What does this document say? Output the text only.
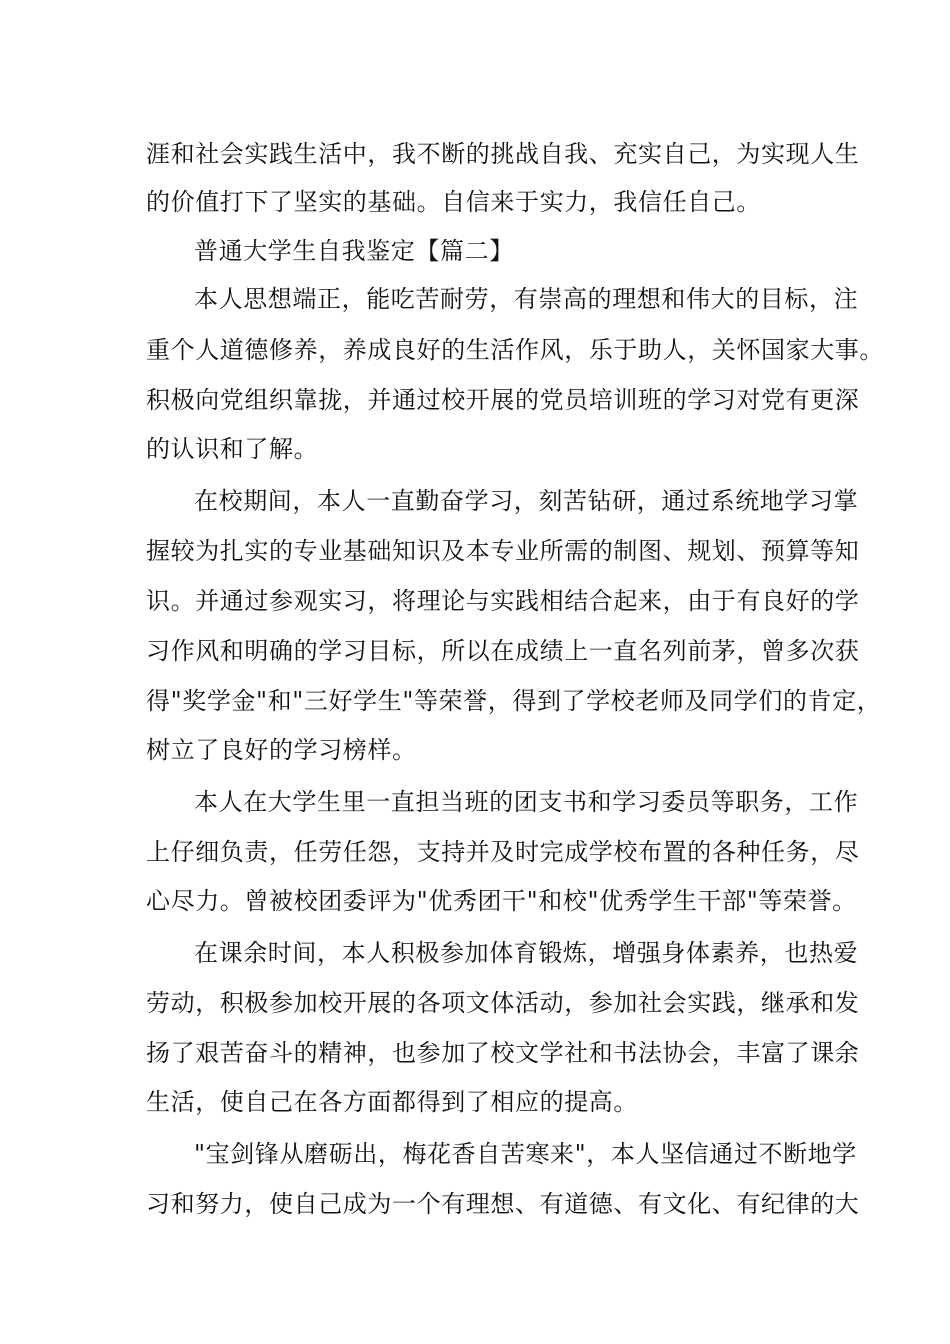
涯和社会实践生活中，我不断的挑战自我、充实自己，为实现人生
的价值打下了坚实的基础。自信来于实力，我信任自己。
普通大学生自我鉴定【篇二】
本人思想端正，能吃苦耐劳，有崇高的理想和伟大的目标，注
重个人道德修养，养成良好的生活作风，乐于助人，关怀国家大事。
积极向党组织靠拢，并通过校开展的党员培训班的学习对党有更深
的认识和了解。
在校期间，本人一直勤奋学习，刻苦钻研，通过系统地学习掌
握较为扎实的专业基础知识及本专业所需的制图、规划、预算等知
识。并通过参观实习，将理论与实践相结合起来，由于有良好的学
习作风和明确的学习目标，所以在成绩上一直名列前茅，曾多次获
得"奖学金"和"三好学生"等荣誉，得到了学校老师及同学们的肯定，
树立了良好的学习榜样。
本人在大学生里一直担当班的团支书和学习委员等职务，工作
上仔细负责，任劳任怨，支持并及时完成学校布置的各种任务，尽
心尽力。曾被校团委评为"优秀团干"和校"优秀学生干部"等荣誉。
在课余时间，本人积极参加体育锻炼，增强身体素养，也热爱
劳动，积极参加校开展的各项文体活动，参加社会实践，继承和发
扬了艰苦奋斗的精神，也参加了校文学社和书法协会，丰富了课余
生活，使自己在各方面都得到了相应的提高。
"宝剑锋从磨砺出，梅花香自苦寒来"，本人坚信通过不断地学
习和努力，使自己成为一个有理想、有道德、有文化、有纪律的大
